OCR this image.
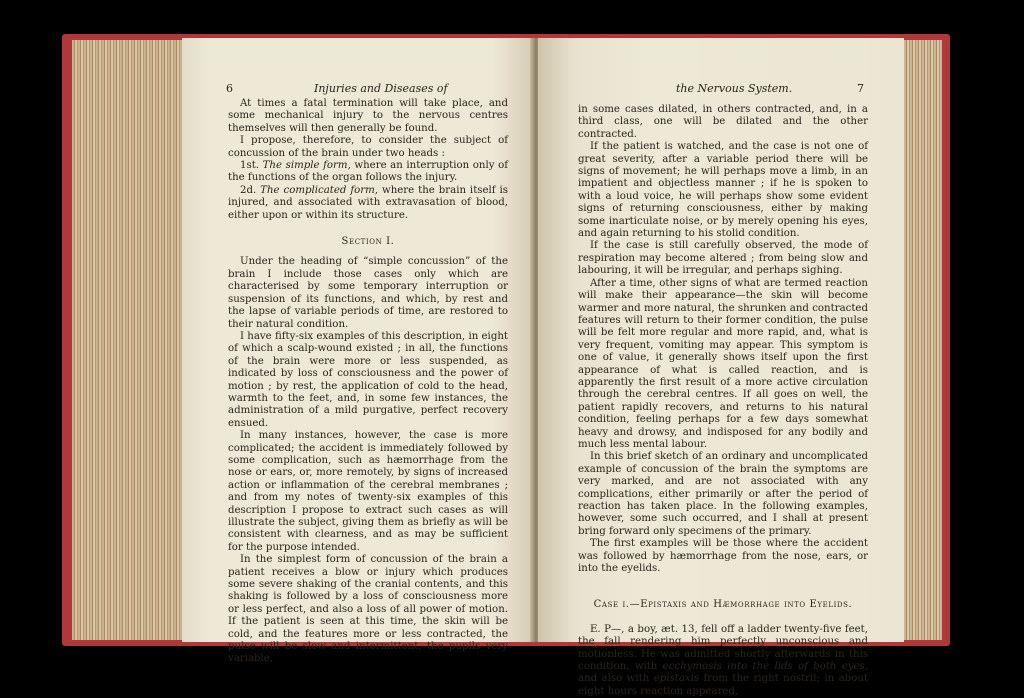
6	Injuries and Diseases of

At times a fatal termination will take place, and some mechanical injury to the nervous centres themselves will then generally be found.

I propose, therefore, to consider the subject of concussion of the brain under two heads :

1st. The simple form, where an interruption only of the functions of the organ follows the injury.

2d. The complicated form, where the brain itself is injured, and associated with extravasation of blood, either upon or within its structure.

Section I.

Under the heading of “simple concussion” of the brain I include those cases only which are characterised by some temporary interruption or suspension of its functions, and which, by rest and the lapse of variable periods of time, are restored to their natural condition.

I have fifty-six examples of this description, in eight of which a scalp-wound existed ; in all, the functions of the brain were more or less suspended, as indicated by loss of consciousness and the power of motion ; by rest, the application of cold to the head, warmth to the feet, and, in some few instances, the administration of a mild purgative, perfect recovery ensued.

In many instances, however, the case is more complicated; the accident is immediately followed by some complication, such as hæmorrhage from the nose or ears, or, more remotely, by signs of increased action or inflammation of the cerebral membranes ; and from my notes of twenty-six examples of this description I propose to extract such cases as will illustrate the subject, giving them as briefly as will be consistent with clearness, and as may be sufficient for the purpose intended.

In the simplest form of concussion of the brain a patient receives a blow or injury which produces some severe shaking of the cranial contents, and this shaking is followed by a loss of consciousness more or less perfect, and also a loss of all power of motion. If the patient is seen at this time, the skin will be cold, and the features more or less contracted, the pulse will be slow and intermittent, the pupils very variable,

the Nervous System.	7

in some cases dilated, in others contracted, and, in a third class, one will be dilated and the other contracted.

If the patient is watched, and the case is not one of great severity, after a variable period there will be signs of movement; he will perhaps move a limb, in an impatient and objectless manner ; if he is spoken to with a loud voice, he will perhaps show some evident signs of returning consciousness, either by making some inarticulate noise, or by merely opening his eyes, and again returning to his stolid condition.

If the case is still carefully observed, the mode of respiration may become altered ; from being slow and labouring, it will be irregular, and perhaps sighing.

After a time, other signs of what are termed reaction will make their appearance—the skin will become warmer and more natural, the shrunken and contracted features will return to their former condition, the pulse will be felt more regular and more rapid, and, what is very frequent, vomiting may appear. This symptom is one of value, it generally shows itself upon the first appearance of what is called reaction, and is apparently the first result of a more active circulation through the cerebral centres. If all goes on well, the patient rapidly recovers, and returns to his natural condition, feeling perhaps for a few days somewhat heavy and drowsy, and indisposed for any bodily and much less mental labour.

In this brief sketch of an ordinary and uncomplicated example of concussion of the brain the symptoms are very marked, and are not associated with any complications, either primarily or after the period of reaction has taken place. In the following examples, however, some such occurred, and I shall at present bring forward only specimens of the primary.

The first examples will be those where the accident was followed by hæmorrhage from the nose, ears, or into the eyelids.

Case i.—Epistaxis and Hæmorrhage into Eyelids.

E. P—, a boy, æt. 13, fell off a ladder twenty-five feet, the fall rendering him perfectly unconscious and motionless. He was admitted shortly afterwards in this condition, with ecchymosis into the lids of both eyes, and also with epistaxis from the right nostril; in about eight hours reaction appeared,
